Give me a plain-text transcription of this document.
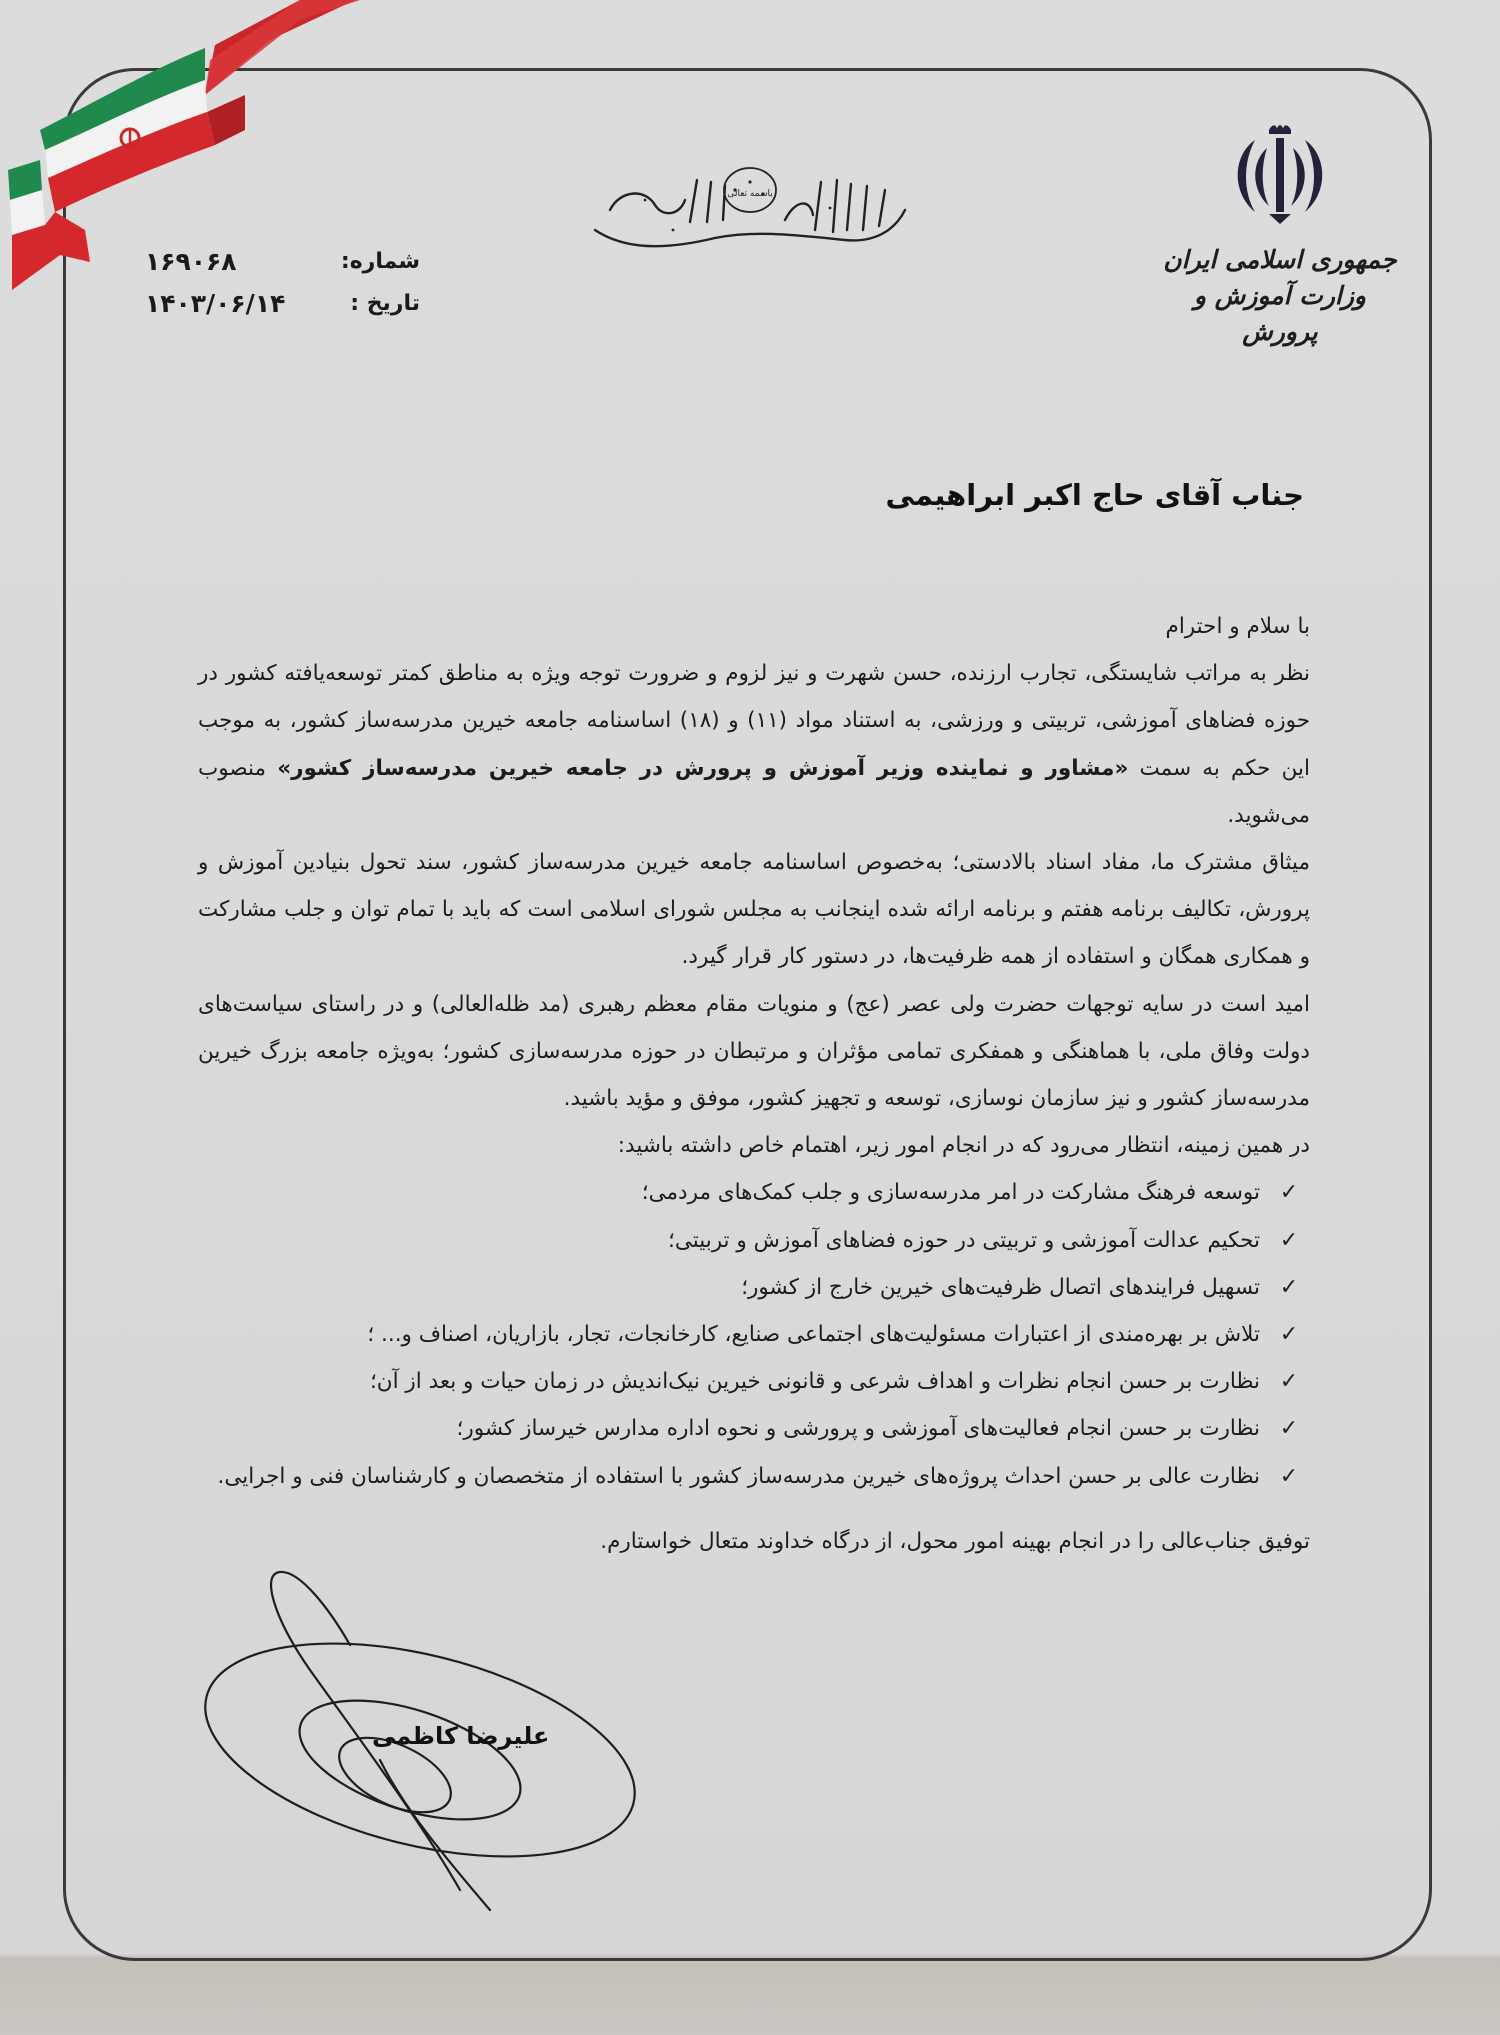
جمهوری اسلامی ایران
وزارت آموزش و پرورش
باسمه تعالی
شماره:
۱۶۹۰۶۸
تاریخ :
۱۴۰۳/۰۶/۱۴
جناب آقای حاج اکبر ابراهیمی

با سلام و احترام

نظر به مراتب شایستگی، تجارب ارزنده، حسن شهرت و نیز لزوم و ضرورت توجه ویژه به مناطق کمتر توسعه‌یافته کشور در حوزه فضاهای آموزشی، تربیتی و ورزشی، به استناد مواد (۱۱) و (۱۸) اساسنامه جامعه خیرین مدرسه‌ساز کشور، به موجب این حکم به سمت «مشاور و نماینده وزیر آموزش و پرورش در جامعه خیرین مدرسه‌ساز کشور» منصوب می‌شوید.

میثاق مشترک ما، مفاد اسناد بالادستی؛ به‌خصوص اساسنامه جامعه خیرین مدرسه‌ساز کشور، سند تحول بنیادین آموزش و پرورش، تکالیف برنامه هفتم و برنامه ارائه شده اینجانب به مجلس شورای اسلامی است که باید با تمام توان و جلب مشارکت و همکاری همگان و استفاده از همه ظرفیت‌ها، در دستور کار قرار گیرد.

امید است در سایه توجهات حضرت ولی عصر (عج) و منویات مقام معظم رهبری (مد ظله‌العالی) و در راستای سیاست‌های دولت وفاق ملی، با هماهنگی و همفکری تمامی مؤثران و مرتبطان در حوزه مدرسه‌سازی کشور؛ به‌ویژه جامعه بزرگ خیرین مدرسه‌ساز کشور و نیز سازمان نوسازی، توسعه و تجهیز کشور، موفق و مؤید باشید.

در همین زمینه، انتظار می‌رود که در انجام امور زیر، اهتمام خاص داشته باشید:

✓
توسعه فرهنگ مشارکت در امر مدرسه‌سازی و جلب کمک‌های مردمی؛
✓
تحکیم عدالت آموزشی و تربیتی در حوزه فضاهای آموزش و تربیتی؛
✓
تسهیل فرایندهای اتصال ظرفیت‌های خیرین خارج از کشور؛
✓
تلاش بر بهره‌مندی از اعتبارات مسئولیت‌های اجتماعی صنایع، کارخانجات، تجار، بازاریان، اصناف و... ؛
✓
نظارت بر حسن انجام نظرات و اهداف شرعی و قانونی خیرین نیک‌اندیش در زمان حیات و بعد از آن؛
✓
نظارت بر حسن انجام فعالیت‌های آموزشی و پرورشی و نحوه اداره مدارس خیرساز کشور؛
✓
نظارت عالی بر حسن احداث پروژه‌های خیرین مدرسه‌ساز کشور با استفاده از متخصصان و کارشناسان فنی و اجرایی.

توفیق جناب‌عالی را در انجام بهینه امور محول، از درگاه خداوند متعال خواستارم.

علیرضا کاظمی
